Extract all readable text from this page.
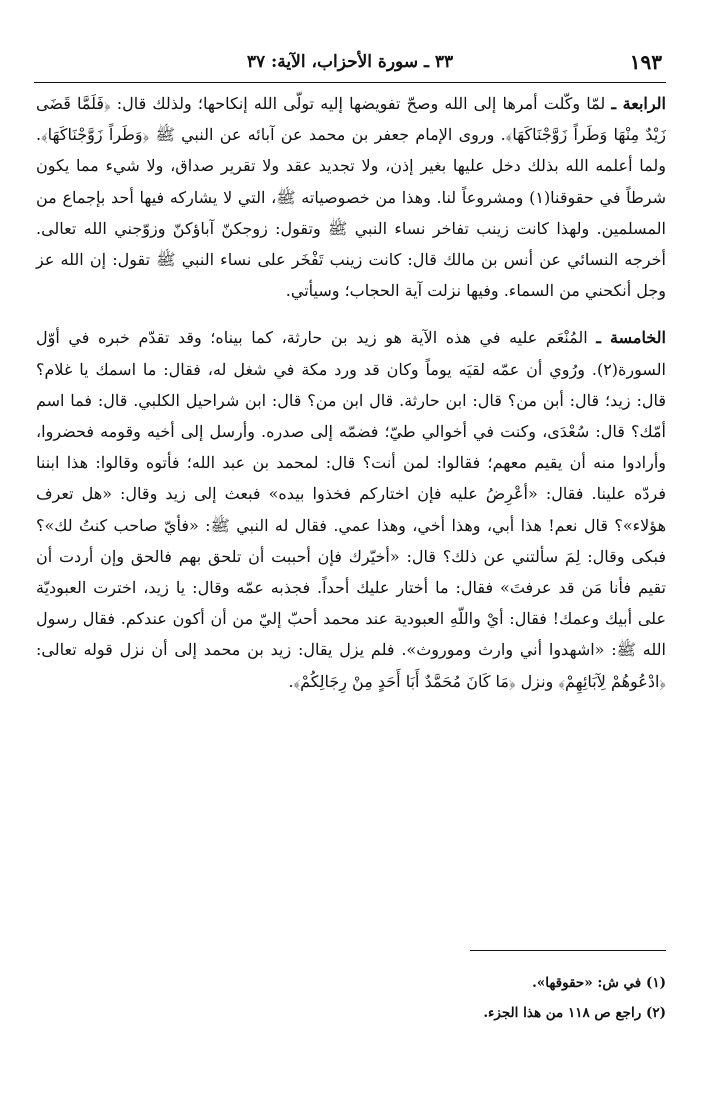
١٩٣
٣٣ ـ سورة الأحزاب، الآية: ٣٧

الرابعة ـ لمّا وكّلت أمرها إلى الله وصحّ تفويضها إليه تولّى الله إنكاحها؛ ولذلك قال: ﴿فَلَمَّا قَضَى زَيْدٌ مِنْهَا وَطَراً زَوَّجْنَاكَهَا﴾. وروى الإمام جعفر بن محمد عن آبائه عن النبي ﷺ ﴿وَطَراً زَوَّجْنَاكَهَا﴾. ولما أعلمه الله بذلك دخل عليها بغير إذن، ولا تجديد عقد ولا تقرير صداق، ولا شيء مما يكون شرطاً في حقوقنا(١) ومشروعاً لنا. وهذا من خصوصياته ﷺ، التي لا يشاركه فيها أحد بإجماع من المسلمين. ولهذا كانت زينب تفاخر نساء النبي ﷺ وتقول: زوجكنّ آباؤكنّ وزوّجني الله تعالى. أخرجه النسائي عن أنس بن مالك قال: كانت زينب تَفْخَر على نساء النبي ﷺ تقول: إن الله عز وجل أنكحني من السماء. وفيها نزلت آية الحجاب؛ وسيأتي.

الخامسة ـ المُنْعَم عليه في هذه الآية هو زيد بن حارثة، كما بيناه؛ وقد تقدّم خبره في أوّل السورة(٢). ورُوي أن عمّه لقيَه يوماً وكان قد ورد مكة في شغل له، فقال: ما اسمك يا غلام؟ قال: زيد؛ قال: أبن من؟ قال: ابن حارثة. قال ابن من؟ قال: ابن شراحيل الكلبي. قال: فما اسم أمّك؟ قال: سُعْدَى، وكنت في أخوالي طيّ؛ فضمّه إلى صدره. وأرسل إلى أخيه وقومه فحضروا، وأرادوا منه أن يقيم معهم؛ فقالوا: لمن أنت؟ قال: لمحمد بن عبد الله؛ فأتوه وقالوا: هذا ابننا فردّه علينا. فقال: «أعْرِضُ عليه فإن اختاركم فخذوا بيده» فبعث إلى زيد وقال: «هل تعرف هؤلاء»؟ قال نعم! هذا أبي، وهذا أخي، وهذا عمي. فقال له النبي ﷺ: «فأيّ صاحب كنتُ لك»؟ فبكى وقال: لِمَ سألتني عن ذلك؟ قال: «أخيّرك فإن أحببت أن تلحق بهم فالحق وإن أردت أن تقيم فأنا مَن قد عرفتَ» فقال: ما أختار عليك أحداً. فجذبه عمّه وقال: يا زيد، اخترت العبوديّة على أبيك وعمك! فقال: أيْ واللّهِ العبودية عند محمد أحبّ إليّ من أن أكون عندكم. فقال رسول الله ﷺ: «اشهدوا أني وارث وموروث». فلم يزل يقال: زيد بن محمد إلى أن نزل قوله تعالى: ﴿ادْعُوهُمْ لِآبَائِهِمْ﴾ ونزل ﴿مَا كَانَ مُحَمَّدٌ أَبَا أَحَدٍ مِنْ رِجَالِكُمْ﴾.

(١) في ش: «حقوقها».

(٢) راجع ص ١١٨ من هذا الجزء.
